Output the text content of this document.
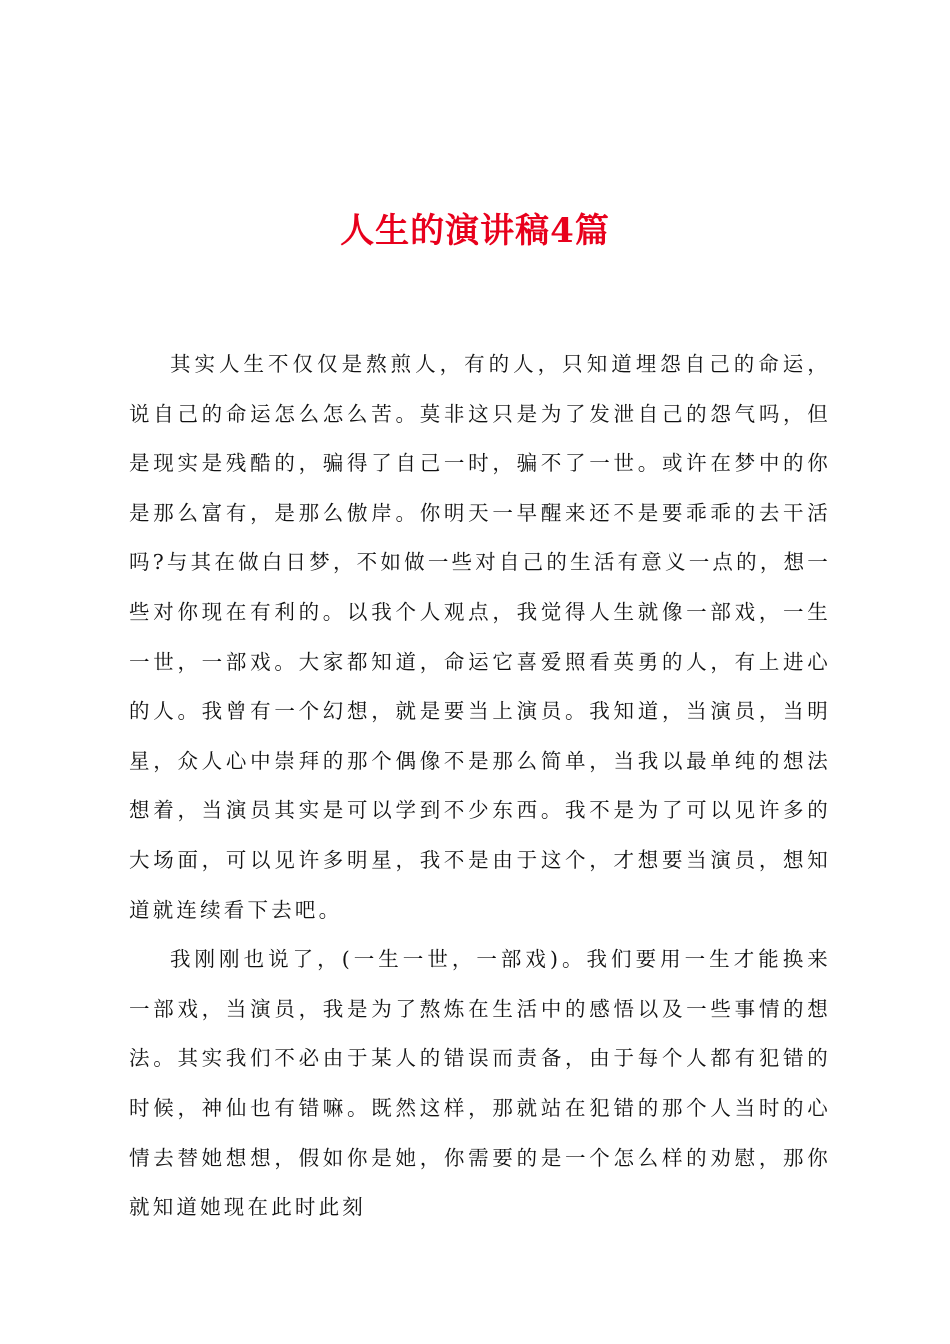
人生的演讲稿4篇

其实人生不仅仅是熬煎人，有的人，只知道埋怨自己的命运，说自己的命运怎么怎么苦。莫非这只是为了发泄自己的怨气吗，但是现实是残酷的，骗得了自己一时，骗不了一世。或许在梦中的你是那么富有，是那么傲岸。你明天一早醒来还不是要乖乖的去干活吗?与其在做白日梦，不如做一些对自己的生活有意义一点的，想一些对你现在有利的。以我个人观点，我觉得人生就像一部戏，一生一世，一部戏。大家都知道，命运它喜爱照看英勇的人，有上进心的人。我曾有一个幻想，就是要当上演员。我知道，当演员，当明星，众人心中崇拜的那个偶像不是那么简单，当我以最单纯的想法想着，当演员其实是可以学到不少东西。我不是为了可以见许多的大场面，可以见许多明星，我不是由于这个，才想要当演员，想知道就连续看下去吧。

我刚刚也说了，(一生一世，一部戏)。我们要用一生才能换来一部戏，当演员，我是为了熬炼在生活中的感悟以及一些事情的想法。其实我们不必由于某人的错误而责备，由于每个人都有犯错的时候，神仙也有错嘛。既然这样，那就站在犯错的那个人当时的心情去替她想想，假如你是她，你需要的是一个怎么样的劝慰，那你就知道她现在此时此刻
